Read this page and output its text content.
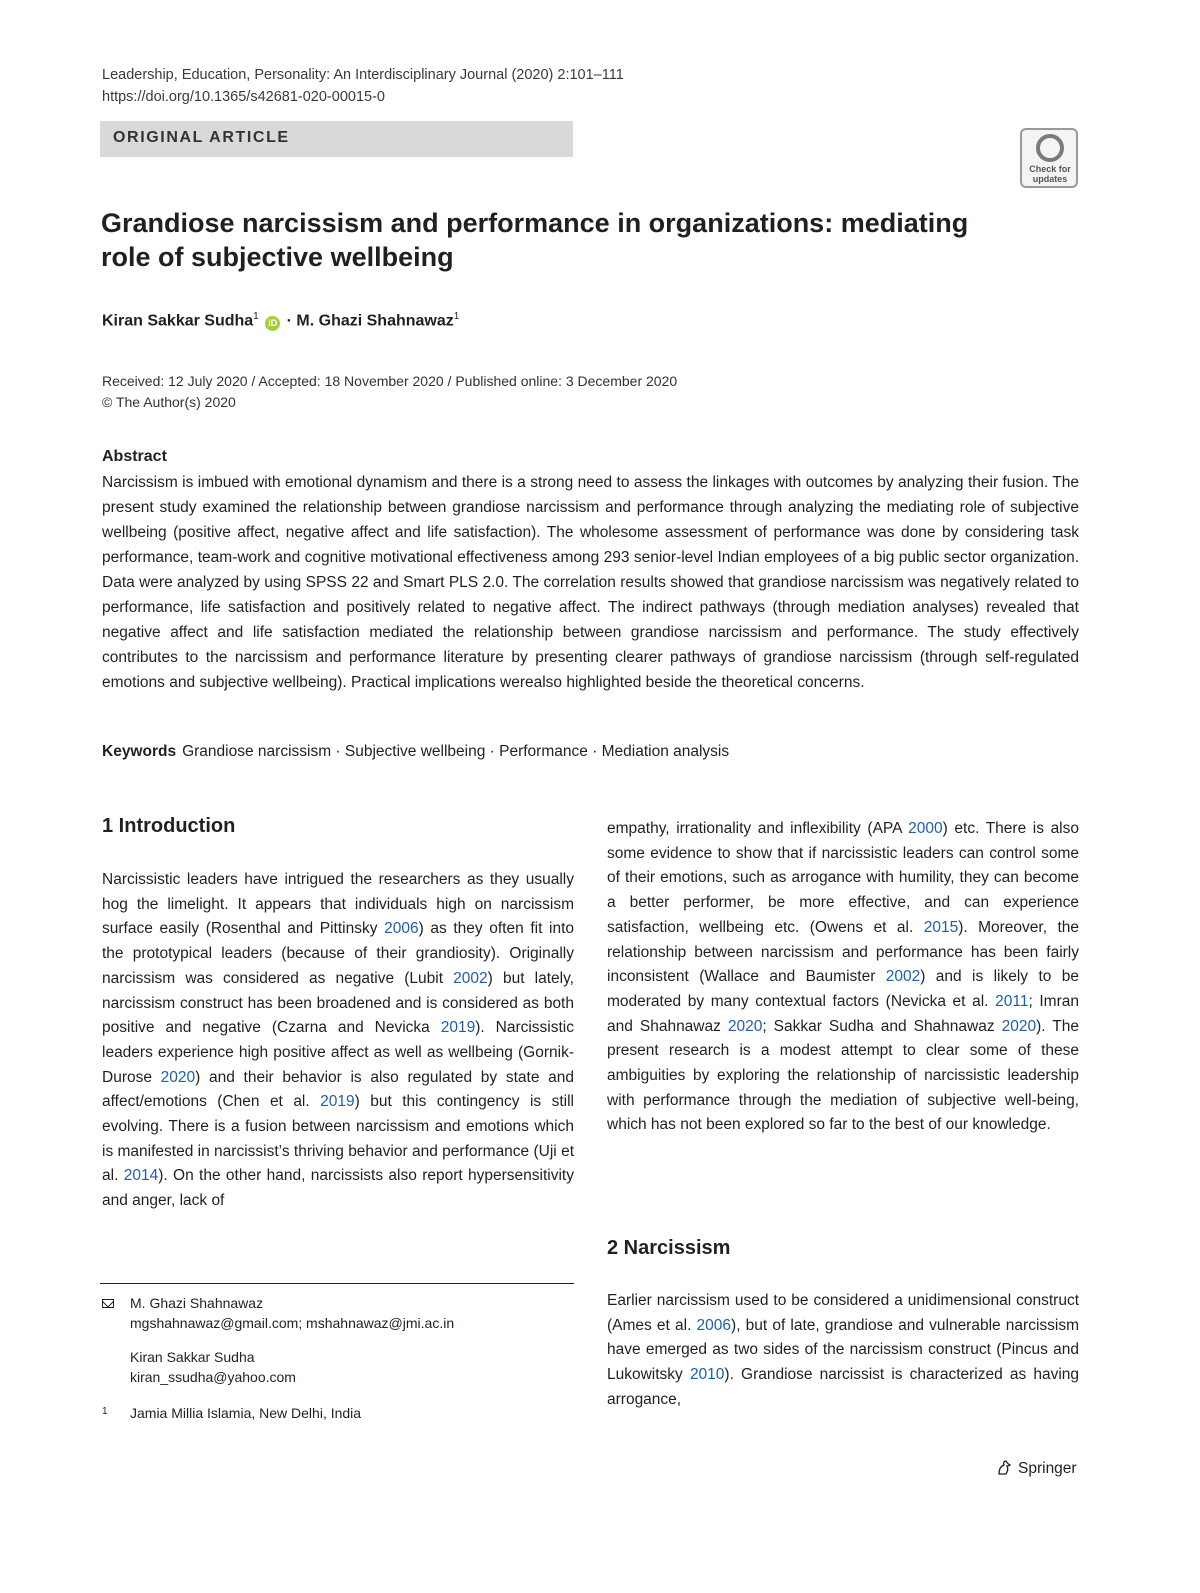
Leadership, Education, Personality: An Interdisciplinary Journal (2020) 2:101–111
https://doi.org/10.1365/s42681-020-00015-0
ORIGINAL ARTICLE
Check for updates
Grandiose narcissism and performance in organizations: mediating role of subjective wellbeing
Kiran Sakkar Sudha$^1$ iD · M. Ghazi Shahnawaz$^1$
Received: 12 July 2020 / Accepted: 18 November 2020 / Published online: 3 December 2020
© The Author(s) 2020
Abstract
Narcissism is imbued with emotional dynamism and there is a strong need to assess the linkages with outcomes by analyzing their fusion. The present study examined the relationship between grandiose narcissism and performance through analyzing the mediating role of subjective wellbeing (positive affect, negative affect and life satisfaction). The wholesome assessment of performance was done by considering task performance, team-work and cognitive motivational effectiveness among 293 senior-level Indian employees of a big public sector organization. Data were analyzed by using SPSS 22 and Smart PLS 2.0. The correlation results showed that grandiose narcissism was negatively related to performance, life satisfaction and positively related to negative affect. The indirect pathways (through mediation analyses) revealed that negative affect and life satisfaction mediated the relationship between grandiose narcissism and performance. The study effectively contributes to the narcissism and performance literature by presenting clearer pathways of grandiose narcissism (through self-regulated emotions and subjective wellbeing). Practical implications werealso highlighted beside the theoretical concerns.
Keywords Grandiose narcissism · Subjective wellbeing · Performance · Mediation analysis
1 Introduction
Narcissistic leaders have intrigued the researchers as they usually hog the limelight. It appears that individuals high on narcissism surface easily (Rosenthal and Pittinsky 2006) as they often fit into the prototypical leaders (because of their grandiosity). Originally narcissism was considered as negative (Lubit 2002) but lately, narcissism construct has been broadened and is considered as both positive and negative (Czarna and Nevicka 2019). Narcissistic leaders experience high positive affect as well as wellbeing (Gornik-Durose 2020) and their behavior is also regulated by state and affect/emotions (Chen et al. 2019) but this contingency is still evolving. There is a fusion between narcissism and emotions which is manifested in narcissist’s thriving behavior and performance (Uji et al. 2014). On the other hand, narcissists also report hypersensitivity and anger, lack of
empathy, irrationality and inflexibility (APA 2000) etc. There is also some evidence to show that if narcissistic leaders can control some of their emotions, such as arrogance with humility, they can become a better performer, be more effective, and can experience satisfaction, wellbeing etc. (Owens et al. 2015). Moreover, the relationship between narcissism and performance has been fairly inconsistent (Wallace and Baumister 2002) and is likely to be moderated by many contextual factors (Nevicka et al. 2011; Imran and Shahnawaz 2020; Sakkar Sudha and Shahnawaz 2020). The present research is a modest attempt to clear some of these ambiguities by exploring the relationship of narcissistic leadership with performance through the mediation of subjective well-being, which has not been explored so far to the best of our knowledge.
2 Narcissism
Earlier narcissism used to be considered a unidimensional construct (Ames et al. 2006), but of late, grandiose and vulnerable narcissism have emerged as two sides of the narcissism construct (Pincus and Lukowitsky 2010). Grandiose narcissist is characterized as having arrogance,
M. Ghazi Shahnawaz
mgshahnawaz@gmail.com; mshahnawaz@jmi.ac.in
Kiran Sakkar Sudha
kiran_ssudha@yahoo.com
1 Jamia Millia Islamia, New Delhi, India
Springer
